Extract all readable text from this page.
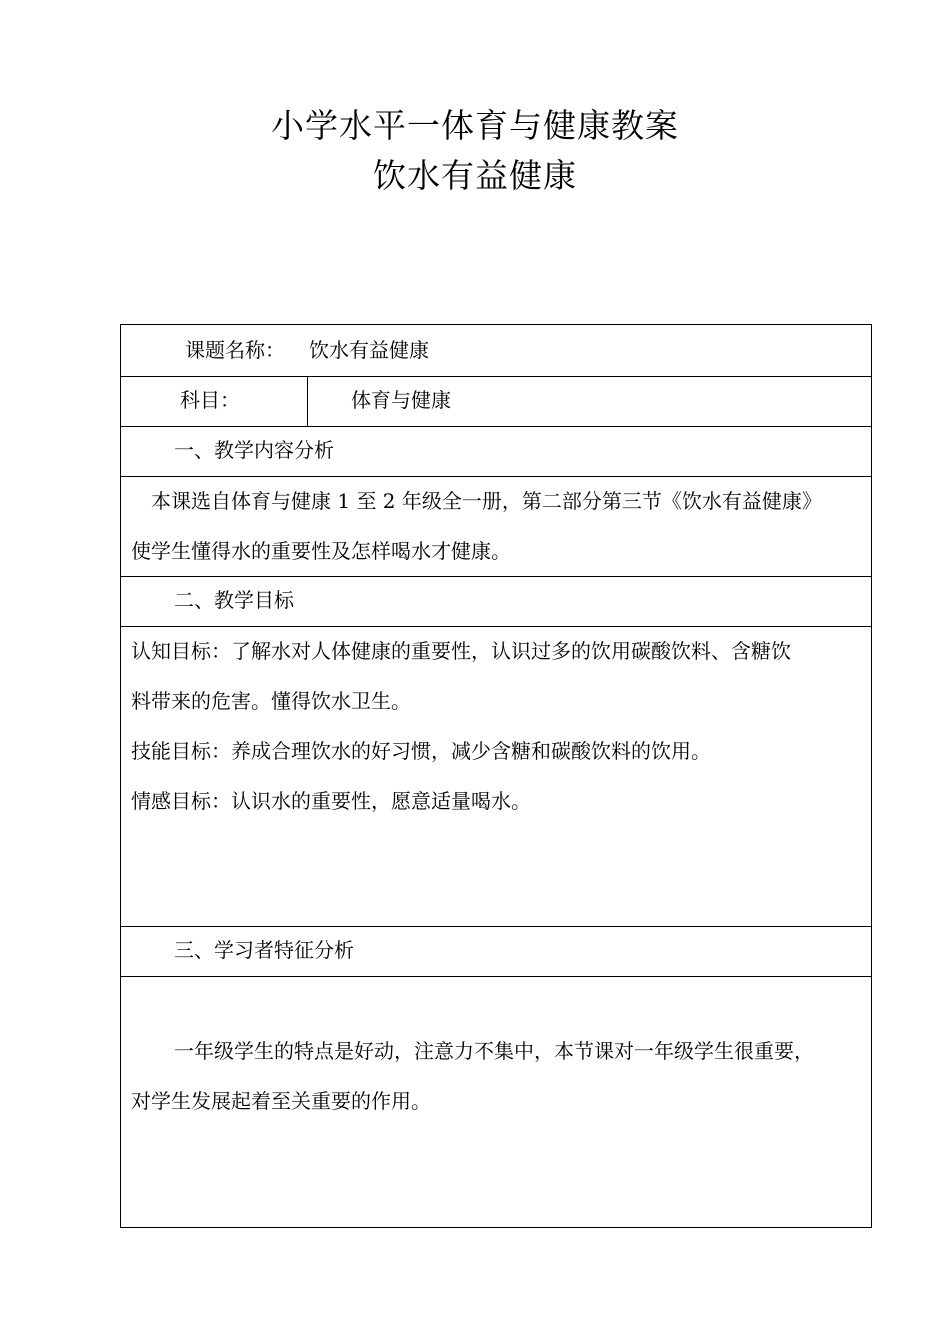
小学水平一体育与健康教案
饮水有益健康
课题名称： 饮水有益健康
科目：	体育与健康
一、教学内容分析
本课选自体育与健康 1 至 2 年级全一册，第二部分第三节《饮水有益健康》
使学生懂得水的重要性及怎样喝水才健康。
二、教学目标
认知目标：了解水对人体健康的重要性，认识过多的饮用碳酸饮料、含糖饮
料带来的危害。懂得饮水卫生。
技能目标：养成合理饮水的好习惯，减少含糖和碳酸饮料的饮用。
情感目标：认识水的重要性，愿意适量喝水。
三、学习者特征分析
一年级学生的特点是好动，注意力不集中，本节课对一年级学生很重要，
对学生发展起着至关重要的作用。
